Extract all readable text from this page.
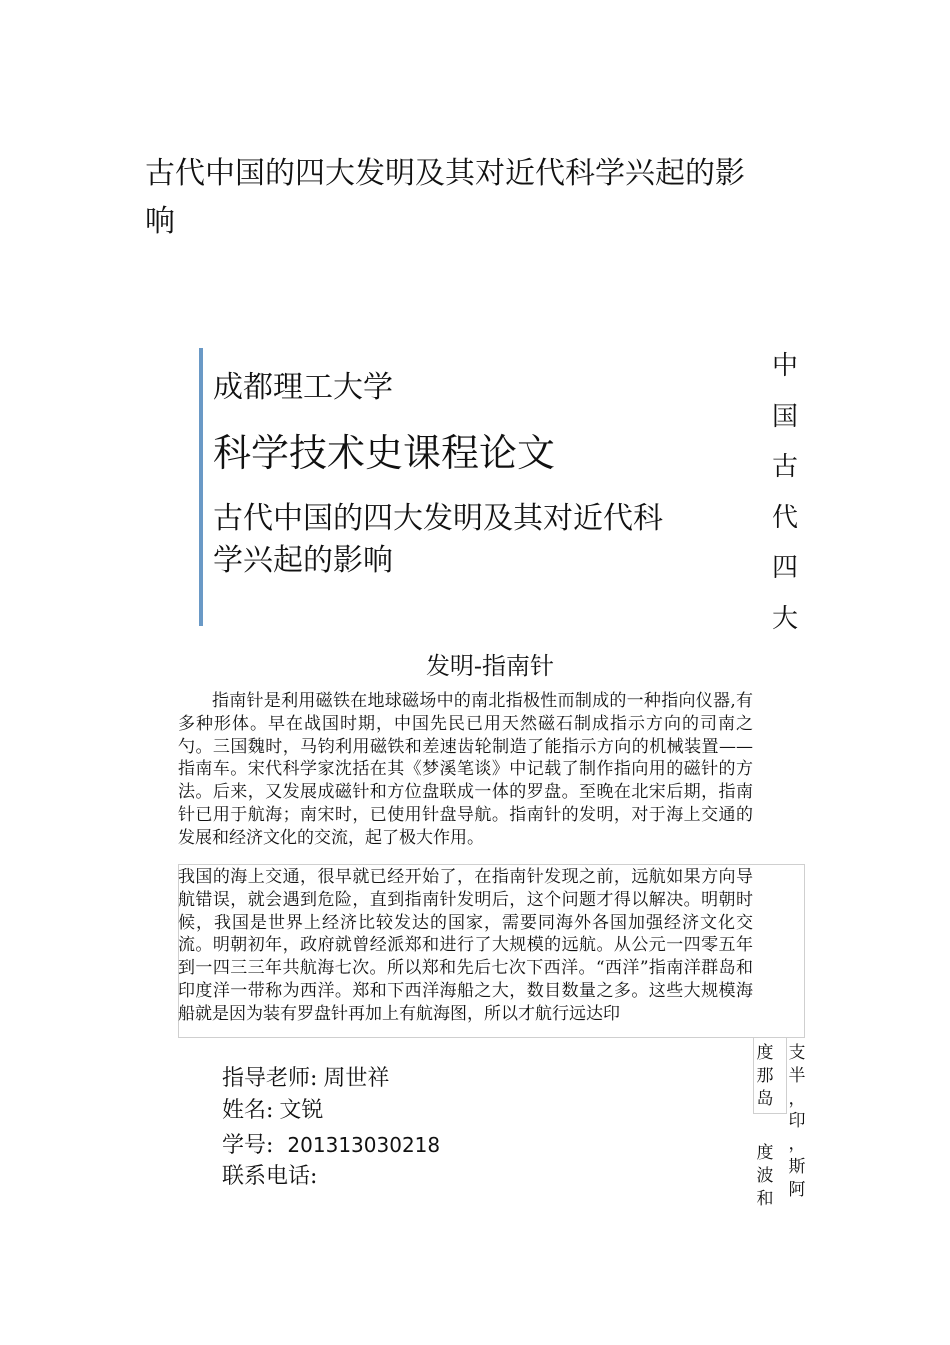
古代中国的四大发明及其对近代科学兴起的影响
成都理工大学
科学技术史课程论文
古代中国的四大发明及其对近代科学兴起的影响
中
国
古
代
四
大
发明-指南针

指南针是利用磁铁在地球磁场中的南北指极性而制成的一种指向仪器,有多种形体。早在战国时期，中国先民已用天然磁石制成指示方向的司南之勺。三国魏时，马钧利用磁铁和差速齿轮制造了能指示方向的机械装置——指南车。宋代科学家沈括在其《梦溪笔谈》中记载了制作指向用的磁针的方法。后来，又发展成磁针和方位盘联成一体的罗盘。至晚在北宋后期，指南针已用于航海；南宋时，已使用针盘导航。指南针的发明，对于海上交通的发展和经济文化的交流，起了极大作用。

我国的海上交通，很早就已经开始了，在指南针发现之前，远航如果方向导航错误，就会遇到危险，直到指南针发明后，这个问题才得以解决。明朝时候，我国是世界上经济比较发达的国家，需要同海外各国加强经济文化交流。明朝初年，政府就曾经派郑和进行了大规模的远航。从公元一四零五年到一四三三年共航海七次。所以郑和先后七次下西洋。“西洋”指南洋群岛和印度洋一带称为西洋。郑和下西洋海船之大，数目数量之多。这些大规模海船就是因为装有罗盘针再加上有航海图，所以才航行远达印

度
那
岛
度
波
和
支
半
，
印
，
斯
阿
指导老师: 周世祥
姓名: 文锐
学号: 201313030218
联系电话:
